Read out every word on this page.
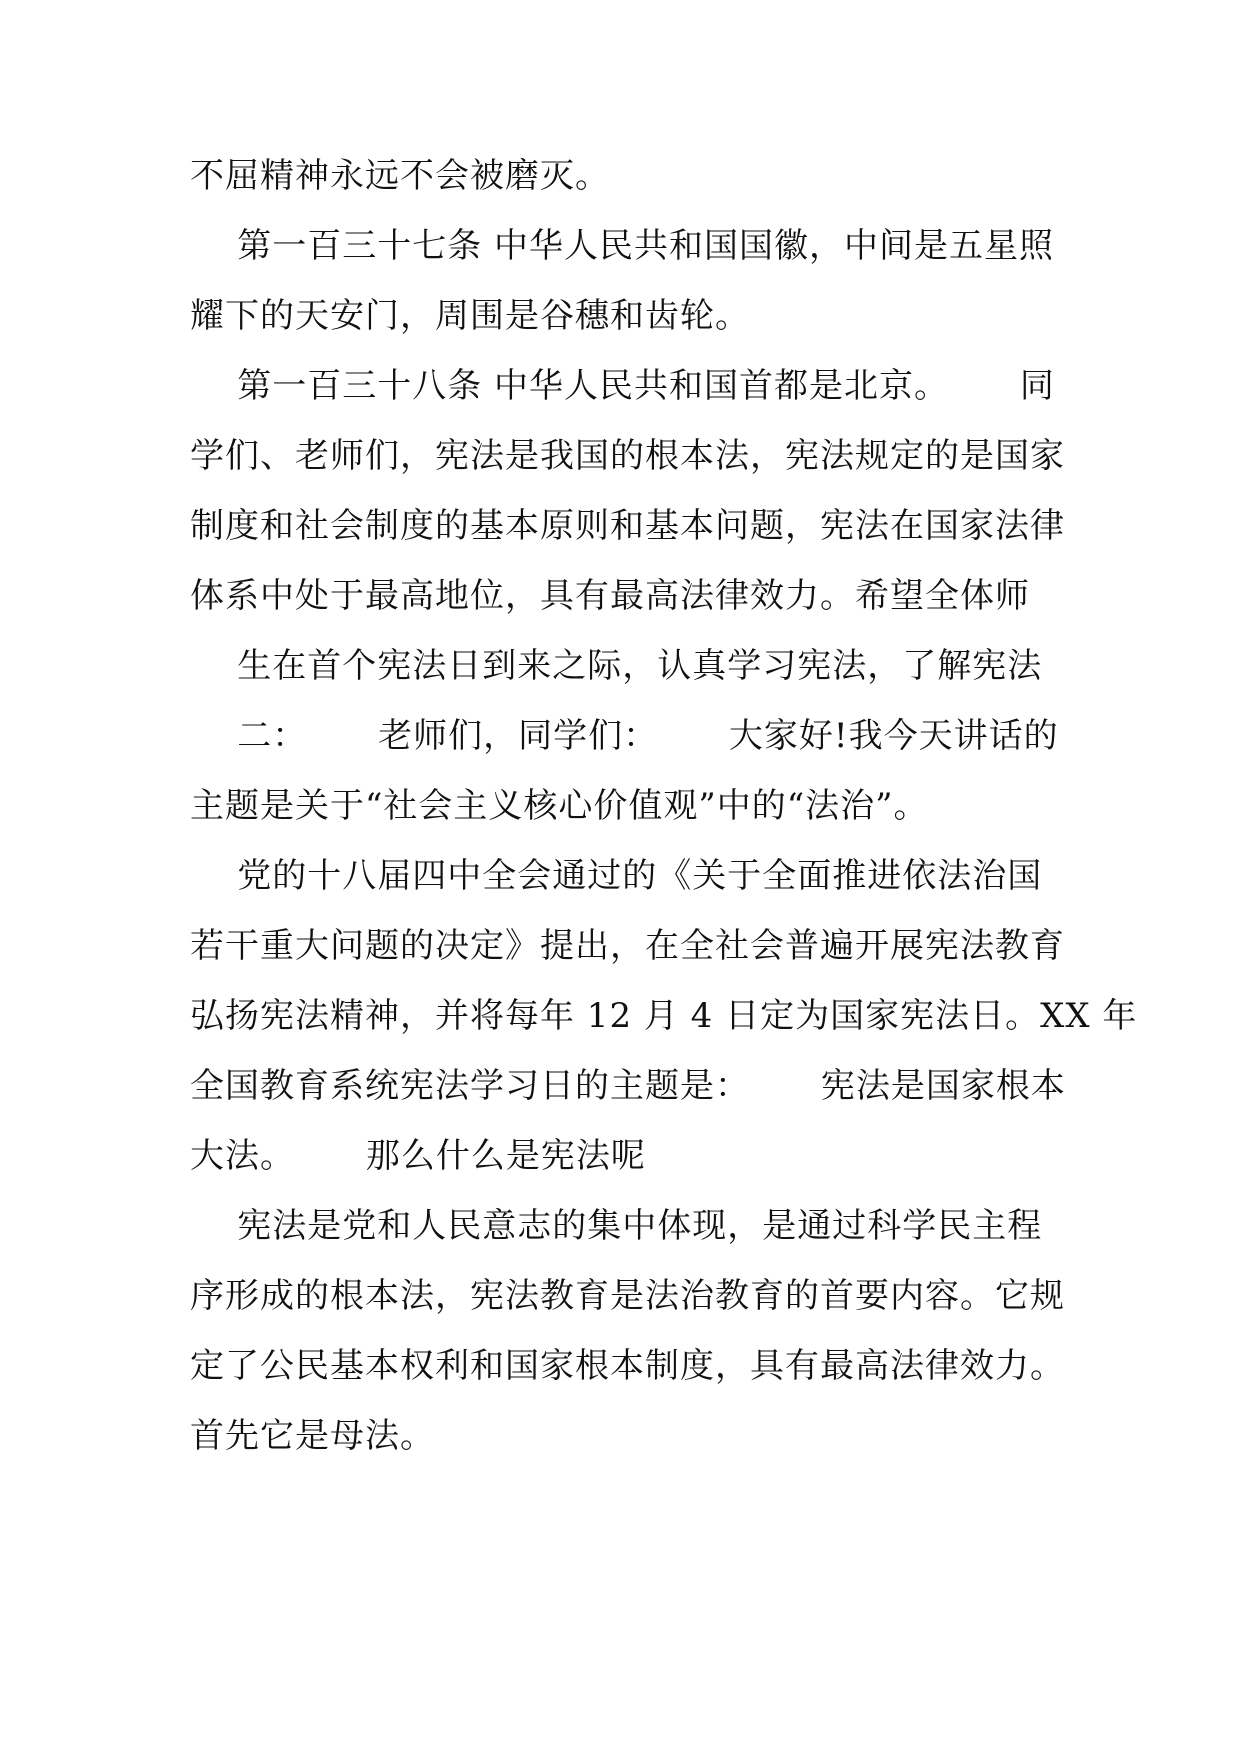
不屈精神永远不会被磨灭。
第一百三十七条 中华人民共和国国徽，中间是五星照
耀下的天安门，周围是谷穗和齿轮。
第一百三十八条 中华人民共和国首都是北京。      同
学们、老师们，宪法是我国的根本法，宪法规定的是国家
制度和社会制度的基本原则和基本问题，宪法在国家法律
体系中处于最高地位，具有最高法律效力。希望全体师
生在首个宪法日到来之际，认真学习宪法，了解宪法
二：      老师们，同学们：      大家好!我今天讲话的
主题是关于“社会主义核心价值观”中的“法治”。
党的十八届四中全会通过的《关于全面推进依法治国
若干重大问题的决定》提出，在全社会普遍开展宪法教育
弘扬宪法精神，并将每年 12 月 4 日定为国家宪法日。XX 年
全国教育系统宪法学习日的主题是：      宪法是国家根本
大法。      那么什么是宪法呢
宪法是党和人民意志的集中体现，是通过科学民主程
序形成的根本法，宪法教育是法治教育的首要内容。它规
定了公民基本权利和国家根本制度，具有最高法律效力。
首先它是母法。
